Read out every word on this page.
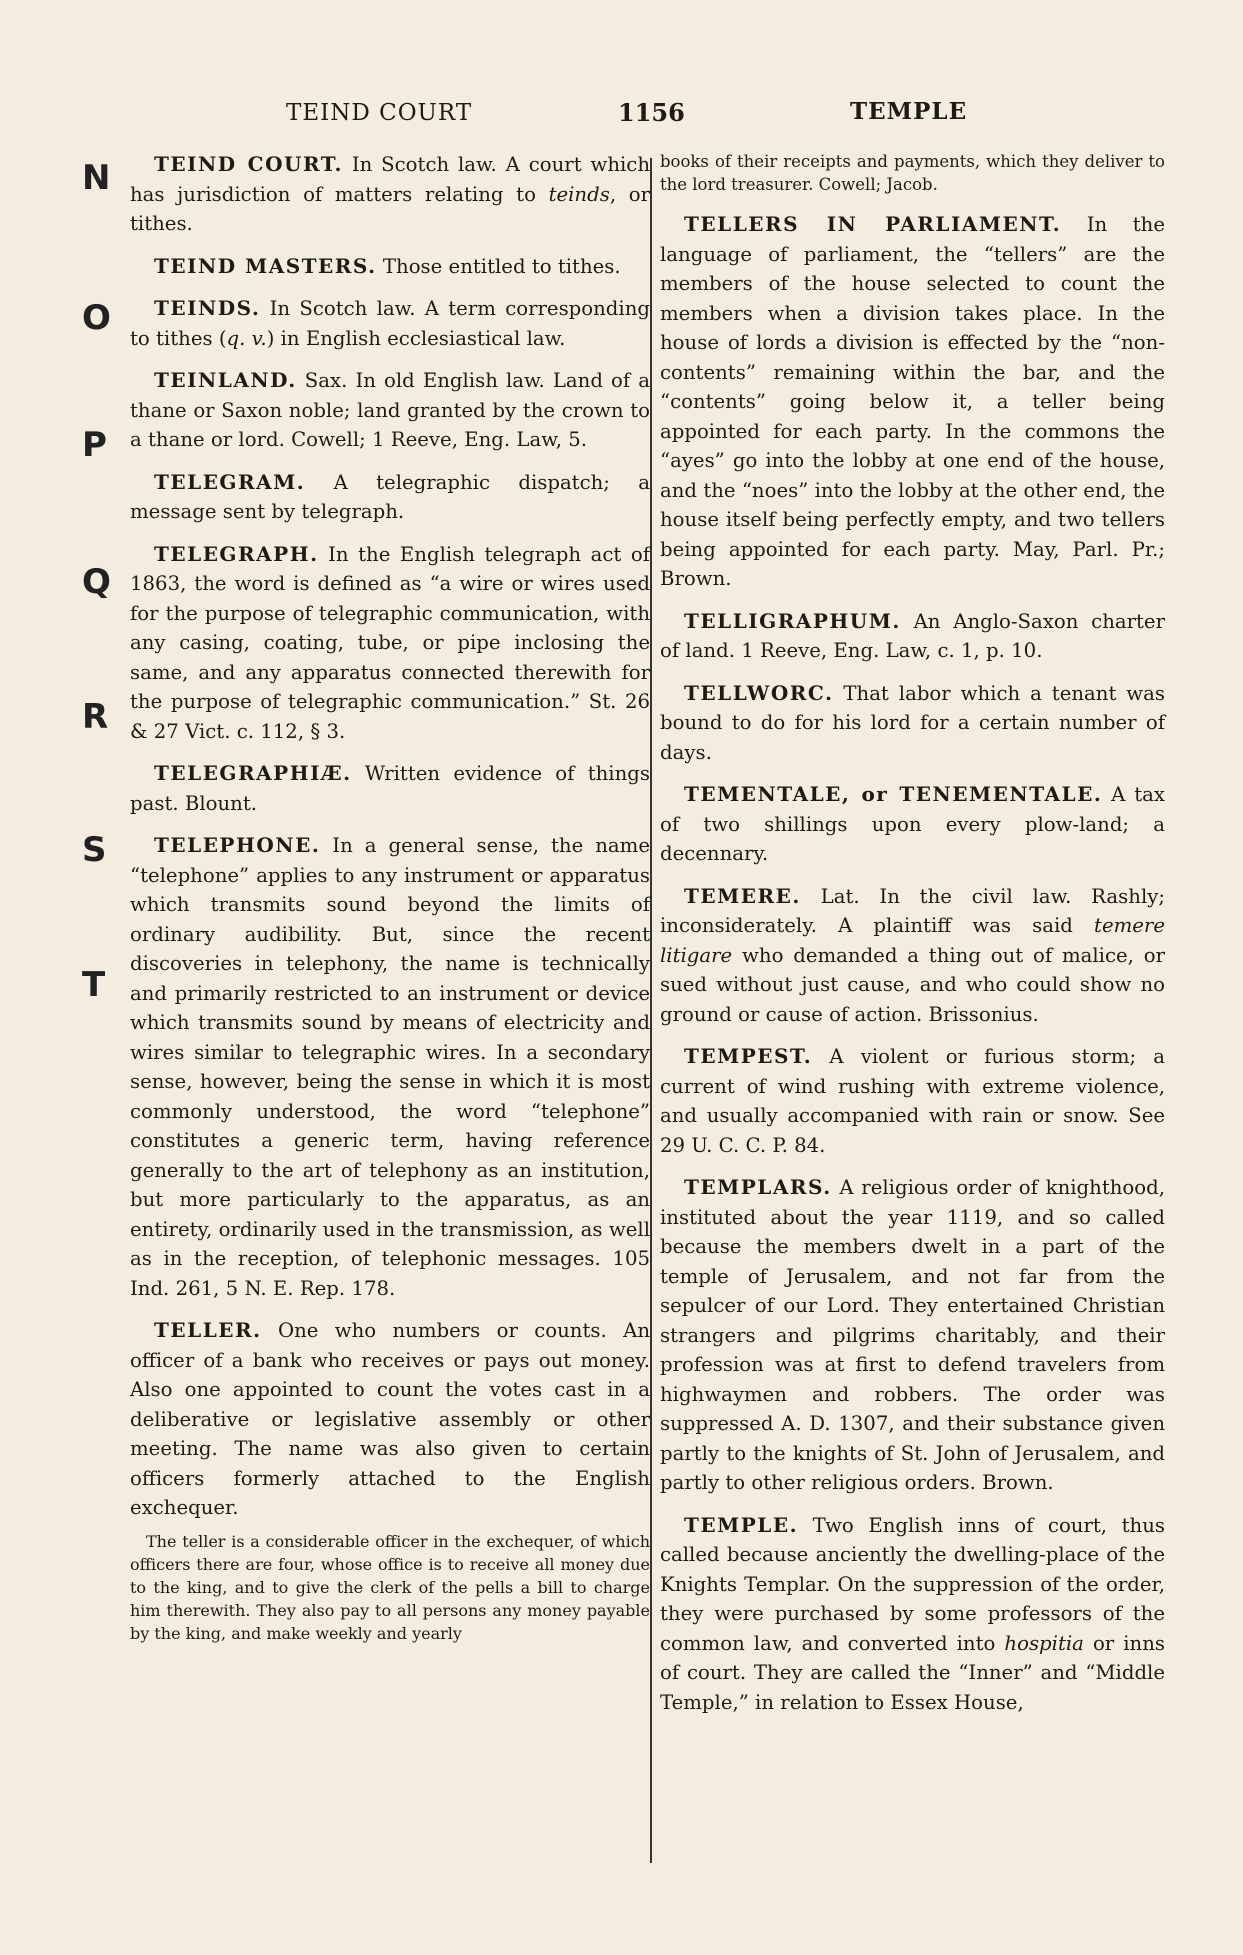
TEIND COURT	1156	TEMPLE
N
O
P
Q
R
S
T

TEIND COURT. In Scotch law. A court which has jurisdiction of matters relating to teinds, or tithes.

TEIND MASTERS. Those entitled to tithes.

TEINDS. In Scotch law. A term corresponding to tithes (q. v.) in English ecclesiastical law.

TEINLAND. Sax. In old English law. Land of a thane or Saxon noble; land granted by the crown to a thane or lord. Cowell; 1 Reeve, Eng. Law, 5.

TELEGRAM. A telegraphic dispatch; a message sent by telegraph.

TELEGRAPH. In the English telegraph act of 1863, the word is defined as “a wire or wires used for the purpose of telegraphic communication, with any casing, coating, tube, or pipe inclosing the same, and any apparatus connected therewith for the purpose of telegraphic communication.” St. 26 & 27 Vict. c. 112, § 3.

TELEGRAPHIÆ. Written evidence of things past. Blount.

TELEPHONE. In a general sense, the name “telephone” applies to any instrument or apparatus which transmits sound beyond the limits of ordinary audibility. But, since the recent discoveries in telephony, the name is technically and primarily restricted to an instrument or device which transmits sound by means of electricity and wires similar to telegraphic wires. In a secondary sense, however, being the sense in which it is most commonly understood, the word “telephone” constitutes a generic term, having reference generally to the art of telephony as an institution, but more particularly to the apparatus, as an entirety, ordinarily used in the transmission, as well as in the reception, of telephonic messages. 105 Ind. 261, 5 N. E. Rep. 178.

TELLER. One who numbers or counts. An officer of a bank who receives or pays out money. Also one appointed to count the votes cast in a deliberative or legislative assembly or other meeting. The name was also given to certain officers formerly attached to the English exchequer.

The teller is a considerable officer in the exchequer, of which officers there are four, whose office is to receive all money due to the king, and to give the clerk of the pells a bill to charge him therewith. They also pay to all persons any money payable by the king, and make weekly and yearly

books of their receipts and payments, which they deliver to the lord treasurer. Cowell; Jacob.

TELLERS IN PARLIAMENT. In the language of parliament, the “tellers” are the members of the house selected to count the members when a division takes place. In the house of lords a division is effected by the “non-contents” remaining within the bar, and the “contents” going below it, a teller being appointed for each party. In the commons the “ayes” go into the lobby at one end of the house, and the “noes” into the lobby at the other end, the house itself being perfectly empty, and two tellers being appointed for each party. May, Parl. Pr.; Brown.

TELLIGRAPHUM. An Anglo-Saxon charter of land. 1 Reeve, Eng. Law, c. 1, p. 10.

TELLWORC. That labor which a tenant was bound to do for his lord for a certain number of days.

TEMENTALE, or TENEMENTALE. A tax of two shillings upon every plow-land; a decennary.

TEMERE. Lat. In the civil law. Rashly; inconsiderately. A plaintiff was said temere litigare who demanded a thing out of malice, or sued without just cause, and who could show no ground or cause of action. Brissonius.

TEMPEST. A violent or furious storm; a current of wind rushing with extreme violence, and usually accompanied with rain or snow. See 29 U. C. C. P. 84.

TEMPLARS. A religious order of knighthood, instituted about the year 1119, and so called because the members dwelt in a part of the temple of Jerusalem, and not far from the sepulcer of our Lord. They entertained Christian strangers and pilgrims charitably, and their profession was at first to defend travelers from highwaymen and robbers. The order was suppressed A. D. 1307, and their substance given partly to the knights of St. John of Jerusalem, and partly to other religious orders. Brown.

TEMPLE. Two English inns of court, thus called because anciently the dwelling-place of the Knights Templar. On the suppression of the order, they were purchased by some professors of the common law, and converted into hospitia or inns of court. They are called the “Inner” and “Middle Temple,” in relation to Essex House,
